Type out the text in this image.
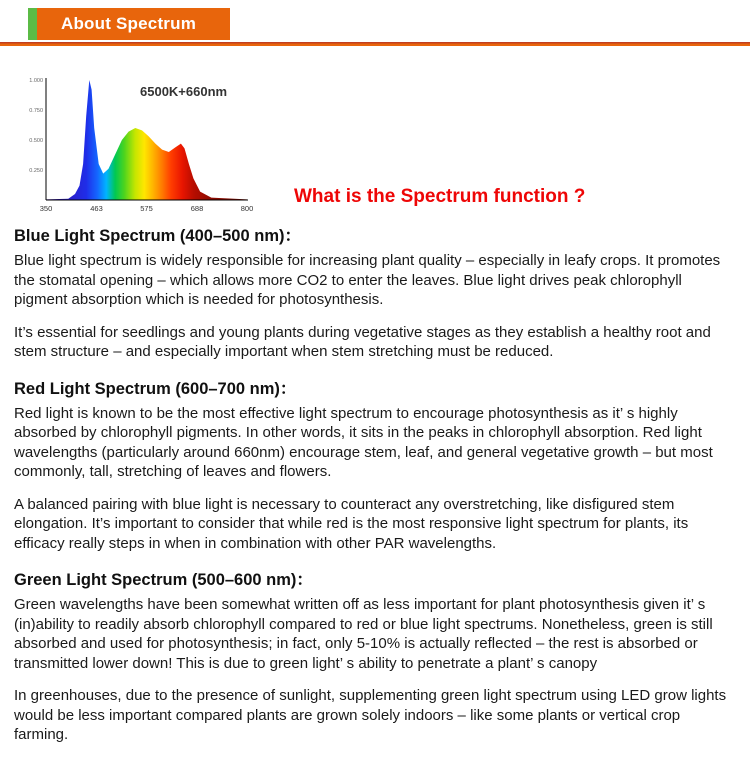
About Spectrum
6500K+660nm
1.000
0.750
0.500
0.250
350	463	575	688	800
What is the Spectrum function ?
Blue Light Spectrum (400–500 nm)：

Blue light spectrum is widely responsible for increasing plant quality – especially in leafy crops. It promotes the stomatal opening – which allows more CO2 to enter the leaves. Blue light drives peak chlorophyll pigment absorption which is needed for photosynthesis.

It’s essential for seedlings and young plants during vegetative stages as they establish a healthy root and stem structure – and especially important when stem stretching must be reduced.

Red Light Spectrum (600–700 nm)：

Red light is known to be the most effective light spectrum to encourage photosynthesis as it’ s highly absorbed by chlorophyll pigments. In other words, it sits in the peaks in chlorophyll absorption. Red light wavelengths (particularly around 660nm) encourage stem, leaf, and general vegetative growth – but most commonly, tall, stretching of leaves and flowers.

A balanced pairing with blue light is necessary to counteract any overstretching, like disfigured stem elongation. It’s important to consider that while red is the most responsive light spectrum for plants, its efficacy really steps in when in combination with other PAR wavelengths.

Green Light Spectrum (500–600 nm)：

Green wavelengths have been somewhat written off as less important for plant photosynthesis given it’ s (in)ability to readily absorb chlorophyll compared to red or blue light spectrums. Nonetheless, green is still absorbed and used for photosynthesis; in fact, only 5-10% is actually reflected – the rest is absorbed or transmitted lower down! This is due to green light’ s ability to penetrate a plant’ s canopy

In greenhouses, due to the presence of sunlight, supplementing green light spectrum using LED grow lights would be less important compared plants are grown solely indoors – like some plants or vertical crop farming.
